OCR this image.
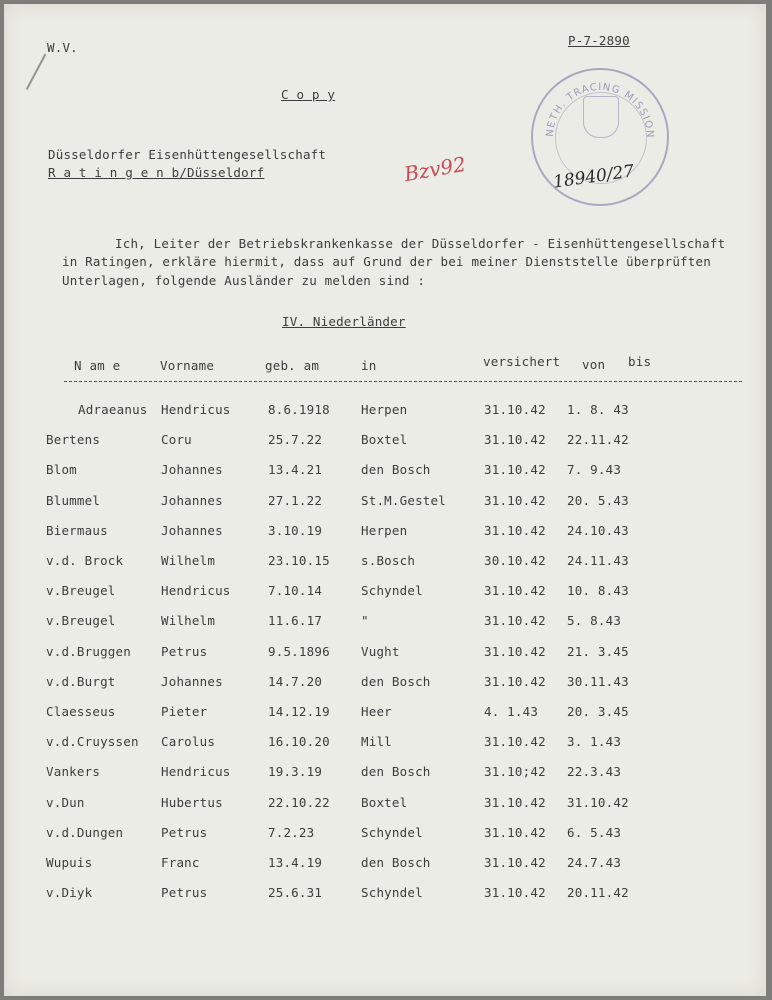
W.V.	P-7-2890
C o p y
NETH. TRACING MISSION
18940/27
Düsseldorfer Eisenhüttengesellschaft
R a t i n g e n b/Düsseldorf	Bzv92
Ich, Leiter der Betriebskrankenkasse der Düsseldorfer - Eisenhüttengesellschaft
in Ratingen, erkläre hiermit, dass auf Grund der bei meiner Dienststelle überprüften
Unterlagen, folgende Ausländer zu melden sind :
IV. Niederländer
N am e	Vorname	geb. am	in	versichert von bis
Adraeanus Hendricus	8.6.1918 Herpen	31.10.42 1. 8. 43
Bertens	Coru	25.7.22	Boxtel	31.10.42 22.11.42
Blom	Johannes	13.4.21	den Bosch	31.10.42 7. 9.43
Blummel	Johannes	27.1.22	St.M.Gestel	31.10.42 20. 5.43
Biermaus	Johannes	3.10.19	Herpen	31.10.42 24.10.43
v.d. Brock	Wilhelm	23.10.15 s.Bosch	30.10.42 24.11.43
v.Breugel	Hendricus	7.10.14	Schyndel	31.10.42 10. 8.43
v.Breugel	Wilhelm	11.6.17	"	31.10.42 5. 8.43
v.d.Bruggen Petrus	9.5.1896 Vught	31.10.42 21. 3.45
v.d.Burgt	Johannes	14.7.20	den Bosch	31.10.42 30.11.43
Claesseus	Pieter	14.12.19 Heer	4. 1.43 20. 3.45
v.d.Cruyssen Carolus	16.10.20 Mill	31.10.42 3. 1.43
Vankers	Hendricus	19.3.19	den Bosch	31.10;42 22.3.43
v.Dun	Hubertus	22.10.22 Boxtel	31.10.42 31.10.42
v.d.Dungen	Petrus	7.2.23	Schyndel	31.10.42 6. 5.43
Wupuis	Franc	13.4.19	den Bosch	31.10.42 24.7.43
v.Diyk	Petrus	25.6.31	Schyndel	31.10.42 20.11.42
